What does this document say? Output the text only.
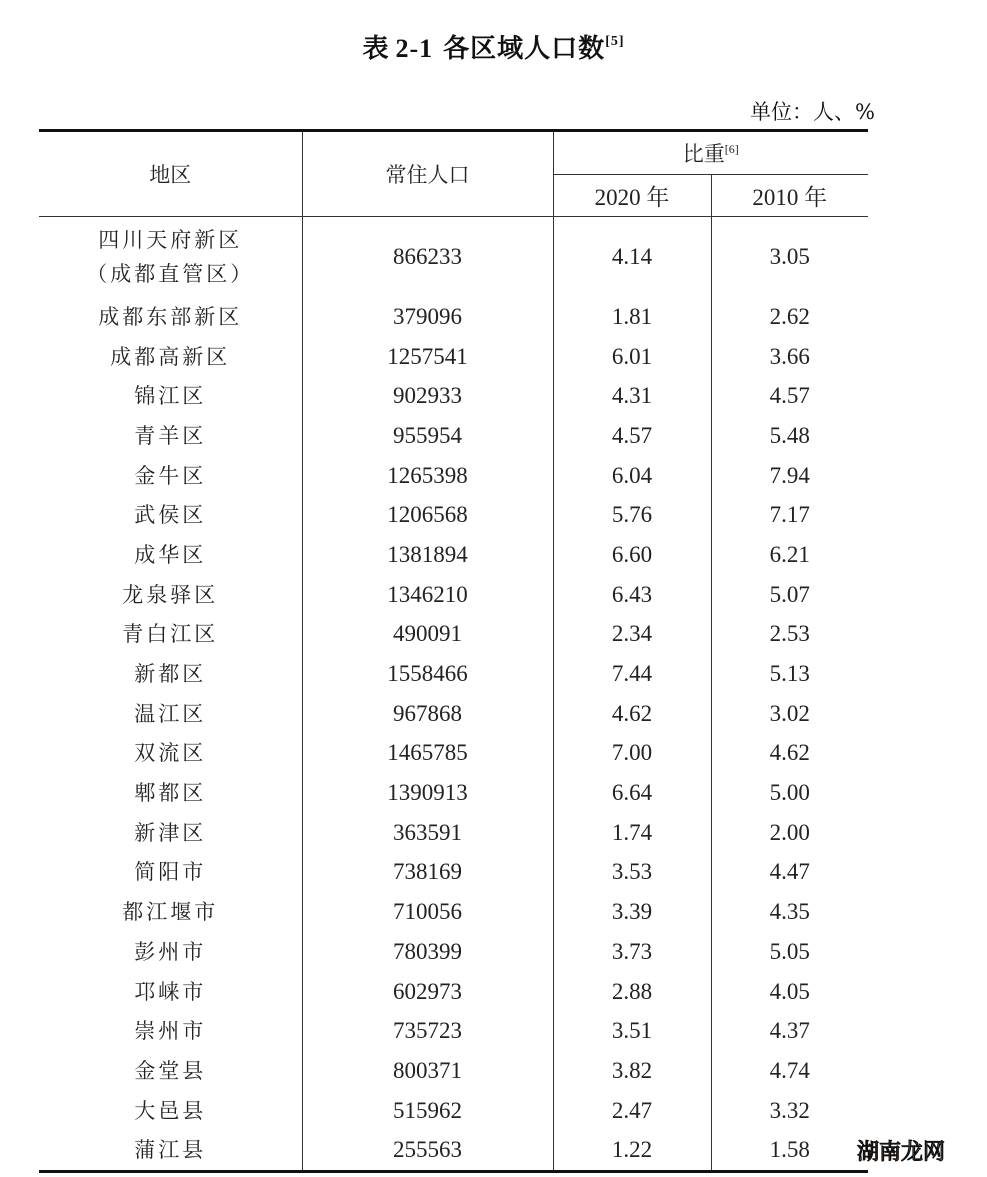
表 2-1 各区域人口数[5]
单位：人、%
地区	常住人口	比重[6]
		2020 年	2010 年

四川天府新区
（成都直管区）	866233	4.14	3.05

成都东部新区	379096	1.81	2.62

成都高新区	1257541	6.01	3.66

锦江区	902933	4.31	4.57

青羊区	955954	4.57	5.48

金牛区	1265398	6.04	7.94

武侯区	1206568	5.76	7.17

成华区	1381894	6.60	6.21

龙泉驿区	1346210	6.43	5.07

青白江区	490091	2.34	2.53

新都区	1558466	7.44	5.13

温江区	967868	4.62	3.02

双流区	1465785	7.00	4.62

郫都区	1390913	6.64	5.00

新津区	363591	1.74	2.00

简阳市	738169	3.53	4.47

都江堰市	710056	3.39	4.35

彭州市	780399	3.73	5.05

邛崃市	602973	2.88	4.05

崇州市	735723	3.51	4.37

金堂县	800371	3.82	4.74

大邑县	515962	2.47	3.32

蒲江县	255563	1.22	1.58 湖南龙网
